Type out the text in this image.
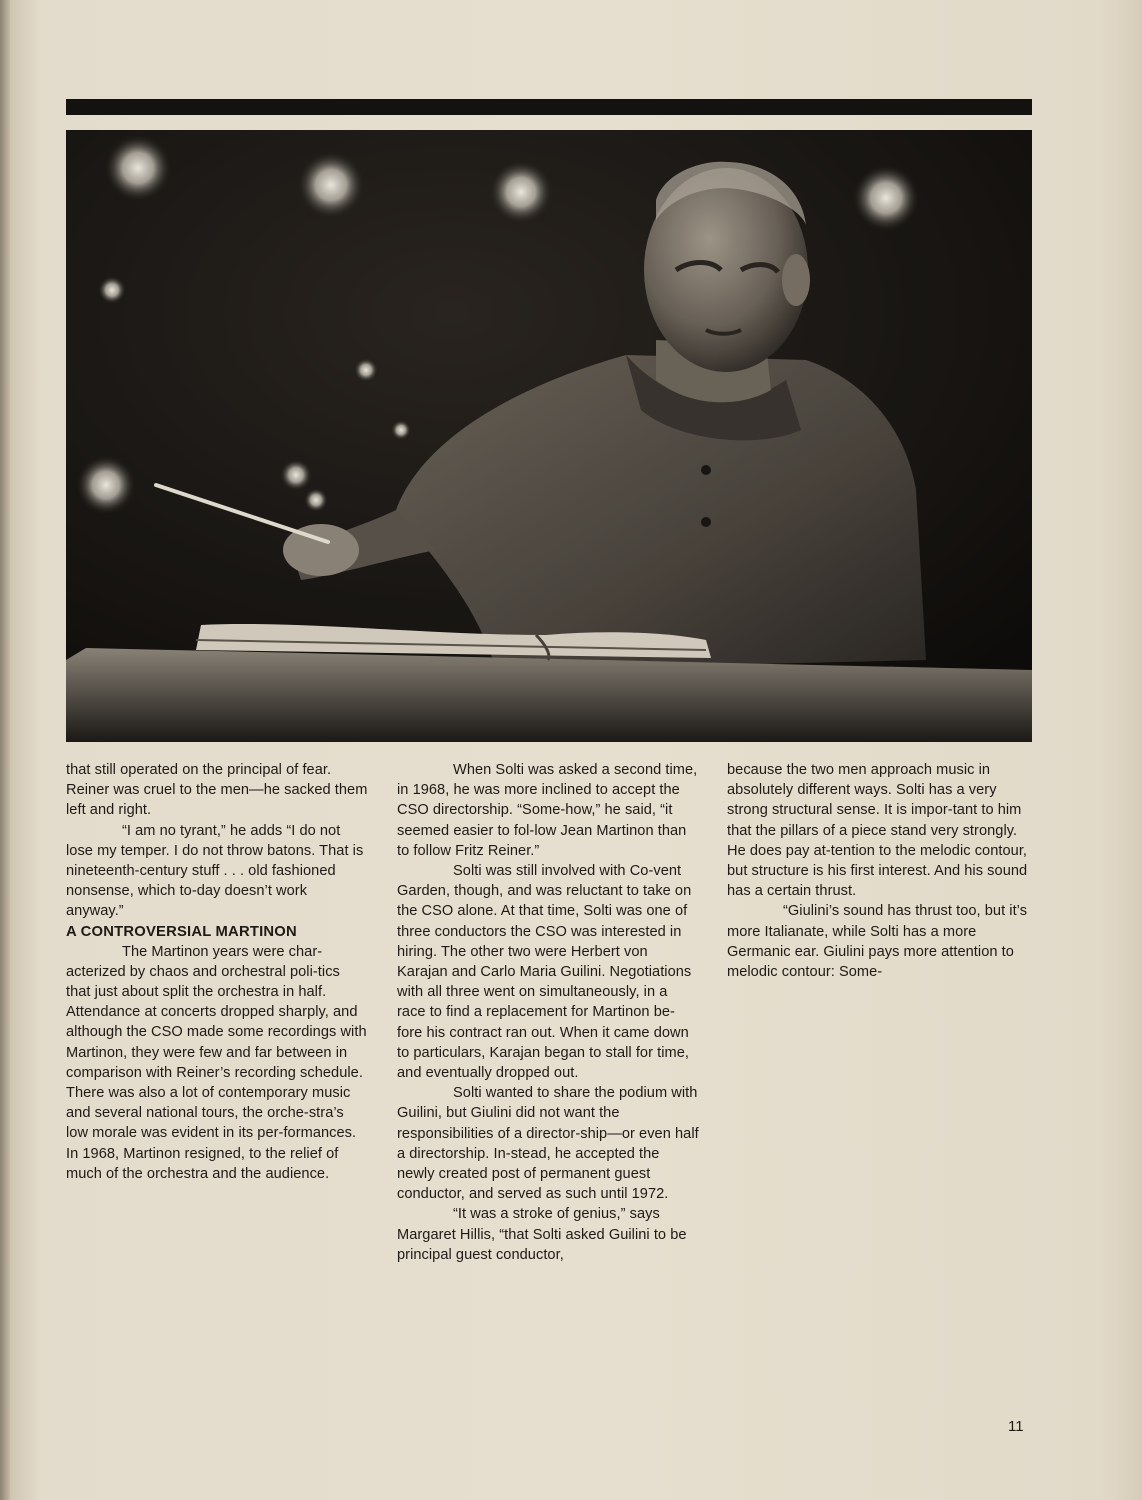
that still operated on the principal of fear. Reiner was cruel to the men—he sacked them left and right.

“I am no tyrant,” he adds “I do not lose my temper. I do not throw batons. That is nineteenth-century stuff . . . old fashioned nonsense, which to-day doesn’t work anyway.”

A CONTROVERSIAL MARTINON

The Martinon years were char-acterized by chaos and orchestral poli-tics that just about split the orchestra in half. Attendance at concerts dropped sharply, and although the CSO made some recordings with Martinon, they were few and far between in comparison with Reiner’s recording schedule. There was also a lot of contemporary music and several national tours, the orche-stra’s low morale was evident in its per-formances. In 1968, Martinon resigned, to the relief of much of the orchestra and the audience.

When Solti was asked a second time, in 1968, he was more inclined to accept the CSO directorship. “Some-how,” he said, “it seemed easier to fol-low Jean Martinon than to follow Fritz Reiner.”

Solti was still involved with Co-vent Garden, though, and was reluctant to take on the CSO alone. At that time, Solti was one of three conductors the CSO was interested in hiring. The other two were Herbert von Karajan and Carlo Maria Guilini. Negotiations with all three went on simultaneously, in a race to find a replacement for Martinon be-fore his contract ran out. When it came down to particulars, Karajan began to stall for time, and eventually dropped out.

Solti wanted to share the podium with Guilini, but Giulini did not want the responsibilities of a director-ship—or even half a directorship. In-stead, he accepted the newly created post of permanent guest conductor, and served as such until 1972.

“It was a stroke of genius,” says Margaret Hillis, “that Solti asked Guilini to be principal guest conductor,

because the two men approach music in absolutely different ways. Solti has a very strong structural sense. It is impor-tant to him that the pillars of a piece stand very strongly. He does pay at-tention to the melodic contour, but structure is his first interest. And his sound has a certain thrust.

“Giulini’s sound has thrust too, but it’s more Italianate, while Solti has a more Germanic ear. Giulini pays more attention to melodic contour: Some-

11
